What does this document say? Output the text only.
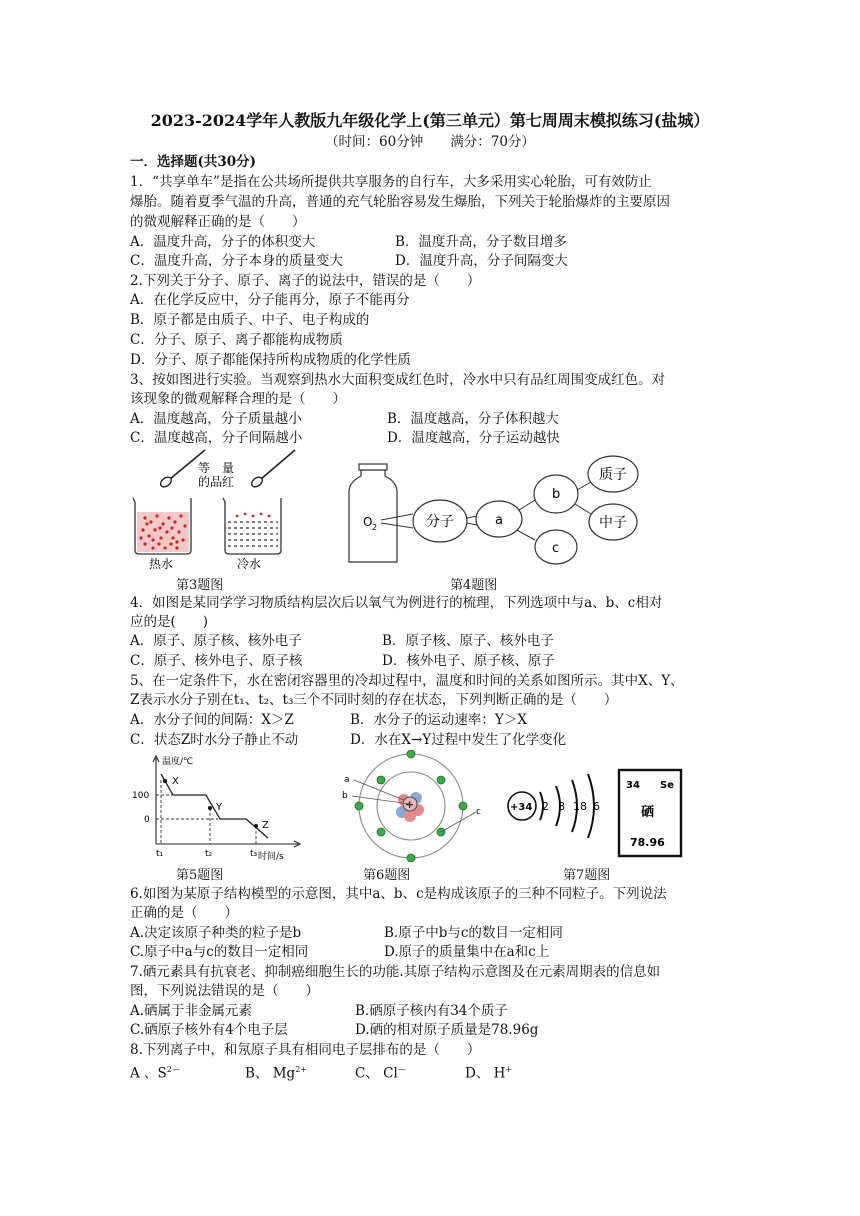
2023-2024学年人教版九年级化学上(第三单元）第七周周末模拟练习(盐城）
（时间：60分钟　　满分：70分）
一．选择题(共30分)
1．“共享单车”是指在公共场所提供共享服务的自行车，大多采用实心轮胎，可有效防止
爆胎。随着夏季气温的升高，普通的充气轮胎容易发生爆胎，下列关于轮胎爆炸的主要原因
的微观解释正确的是（　　）
A．温度升高，分子的体积变大	B．温度升高，分子数目增多
C．温度升高，分子本身的质量变大	D．温度升高，分子间隔变大
2.下列关于分子、原子、离子的说法中，错误的是（　　）
A．在化学反应中，分子能再分，原子不能再分
B．原子都是由质子、中子、电子构成的
C．分子、原子、离子都能构成物质
D．分子、原子都能保持所构成物质的化学性质
3、按如图进行实验。当观察到热水大面积变成红色时，冷水中只有品红周围变成红色。对
该现象的微观解释合理的是（　　）
A．温度越高，分子质量越小	B．温度越高，分子体积越大
C．温度越高，分子间隔越小	D．温度越高，分子运动越快
等　量
的品红
热水	冷水
第3题图
O 2	分子	a
b
c
质子
中子
第4题图
4．如图是某同学学习物质结构层次后以氧气为例进行的梳理，下列选项中与a、b、c相对
应的是(　　)
A．原子、原子核、核外电子	B．原子核、原子、核外电子
C．原子、核外电子、原子核	D．核外电子、原子核、原子
5、在一定条件下，水在密闭容器里的冷却过程中，温度和时间的关系如图所示。其中X、Y、
Z表示水分子别在t₁、t₂、t₃三个不同时刻的存在状态，下列判断正确的是（　　）
A．水分子间的间隔：X＞Z	B．水分子的运动速率：Y＞X
C．状态Z时水分子静止不动	D．水在X→Y过程中发生了化学变化
温度/℃
时间/s
100
0
X
Y
Z
t₁	t₂	t₃
第5题图
+
a
b
c
第6题图
+34 2 8 18 6
34 Se
硒
78.96
第7题图
6.如图为某原子结构模型的示意图，其中a、b、c是构成该原子的三种不同粒子。下列说法
正确的是（　　）
A.决定该原子种类的粒子是b	B.原子中b与c的数目一定相同
C.原子中a与c的数目一定相同	D.原子的质量集中在a和c上
7.硒元素具有抗衰老、抑制癌细胞生长的功能.其原子结构示意图及在元素周期表的信息如
图，下列说法错误的是（　　）
A.硒属于非金属元素	B.硒原子核内有34个质子
C.硒原子核外有4个电子层	D.硒的相对原子质量是78.96g
8.下列离子中，和氖原子具有相同电子层排布的是（　　）
A 、$S^{2—}$	B、 $Mg^{2+}$	C、 Cl—	D、 H+
